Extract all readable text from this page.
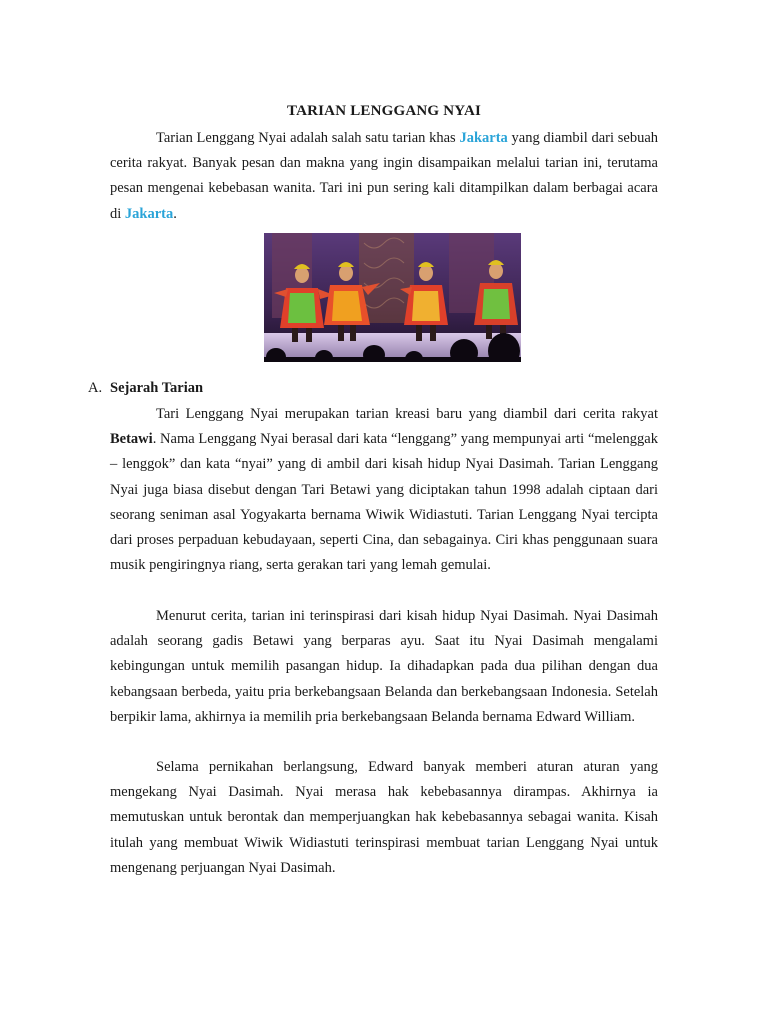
TARIAN LENGGANG NYAI

Tarian Lenggang Nyai adalah salah satu tarian khas Jakarta yang diambil dari sebuah cerita rakyat. Banyak pesan dan makna yang ingin disampaikan melalui tarian ini, terutama pesan mengenai kebebasan wanita. Tari ini pun sering kali ditampilkan dalam berbagai acara di Jakarta.

A. Sejarah Tarian

Tari Lenggang Nyai merupakan tarian kreasi baru yang diambil dari cerita rakyat Betawi. Nama Lenggang Nyai berasal dari kata “lenggang” yang mempunyai arti “melenggak – lenggok” dan kata “nyai” yang di ambil dari kisah hidup Nyai Dasimah. Tarian Lenggang Nyai juga biasa disebut dengan Tari Betawi yang diciptakan tahun 1998 adalah ciptaan dari seorang seniman asal Yogyakarta bernama Wiwik Widiastuti. Tarian Lenggang Nyai tercipta dari proses perpaduan kebudayaan, seperti Cina, dan sebagainya. Ciri khas penggunaan suara musik pengiringnya riang, serta gerakan tari yang lemah gemulai.

Menurut cerita, tarian ini terinspirasi dari kisah hidup Nyai Dasimah. Nyai Dasimah adalah seorang gadis Betawi yang berparas ayu. Saat itu Nyai Dasimah mengalami kebingungan untuk memilih pasangan hidup. Ia dihadapkan pada dua pilihan dengan dua kebangsaan berbeda, yaitu pria berkebangsaan Belanda dan berkebangsaan Indonesia. Setelah berpikir lama, akhirnya ia memilih pria berkebangsaan Belanda bernama Edward William.

Selama pernikahan berlangsung, Edward banyak memberi aturan aturan yang mengekang Nyai Dasimah. Nyai merasa hak kebebasannya dirampas. Akhirnya ia memutuskan untuk berontak dan memperjuangkan hak kebebasannya sebagai wanita. Kisah itulah yang membuat Wiwik Widiastuti terinspirasi membuat tarian Lenggang Nyai untuk mengenang perjuangan Nyai Dasimah.
